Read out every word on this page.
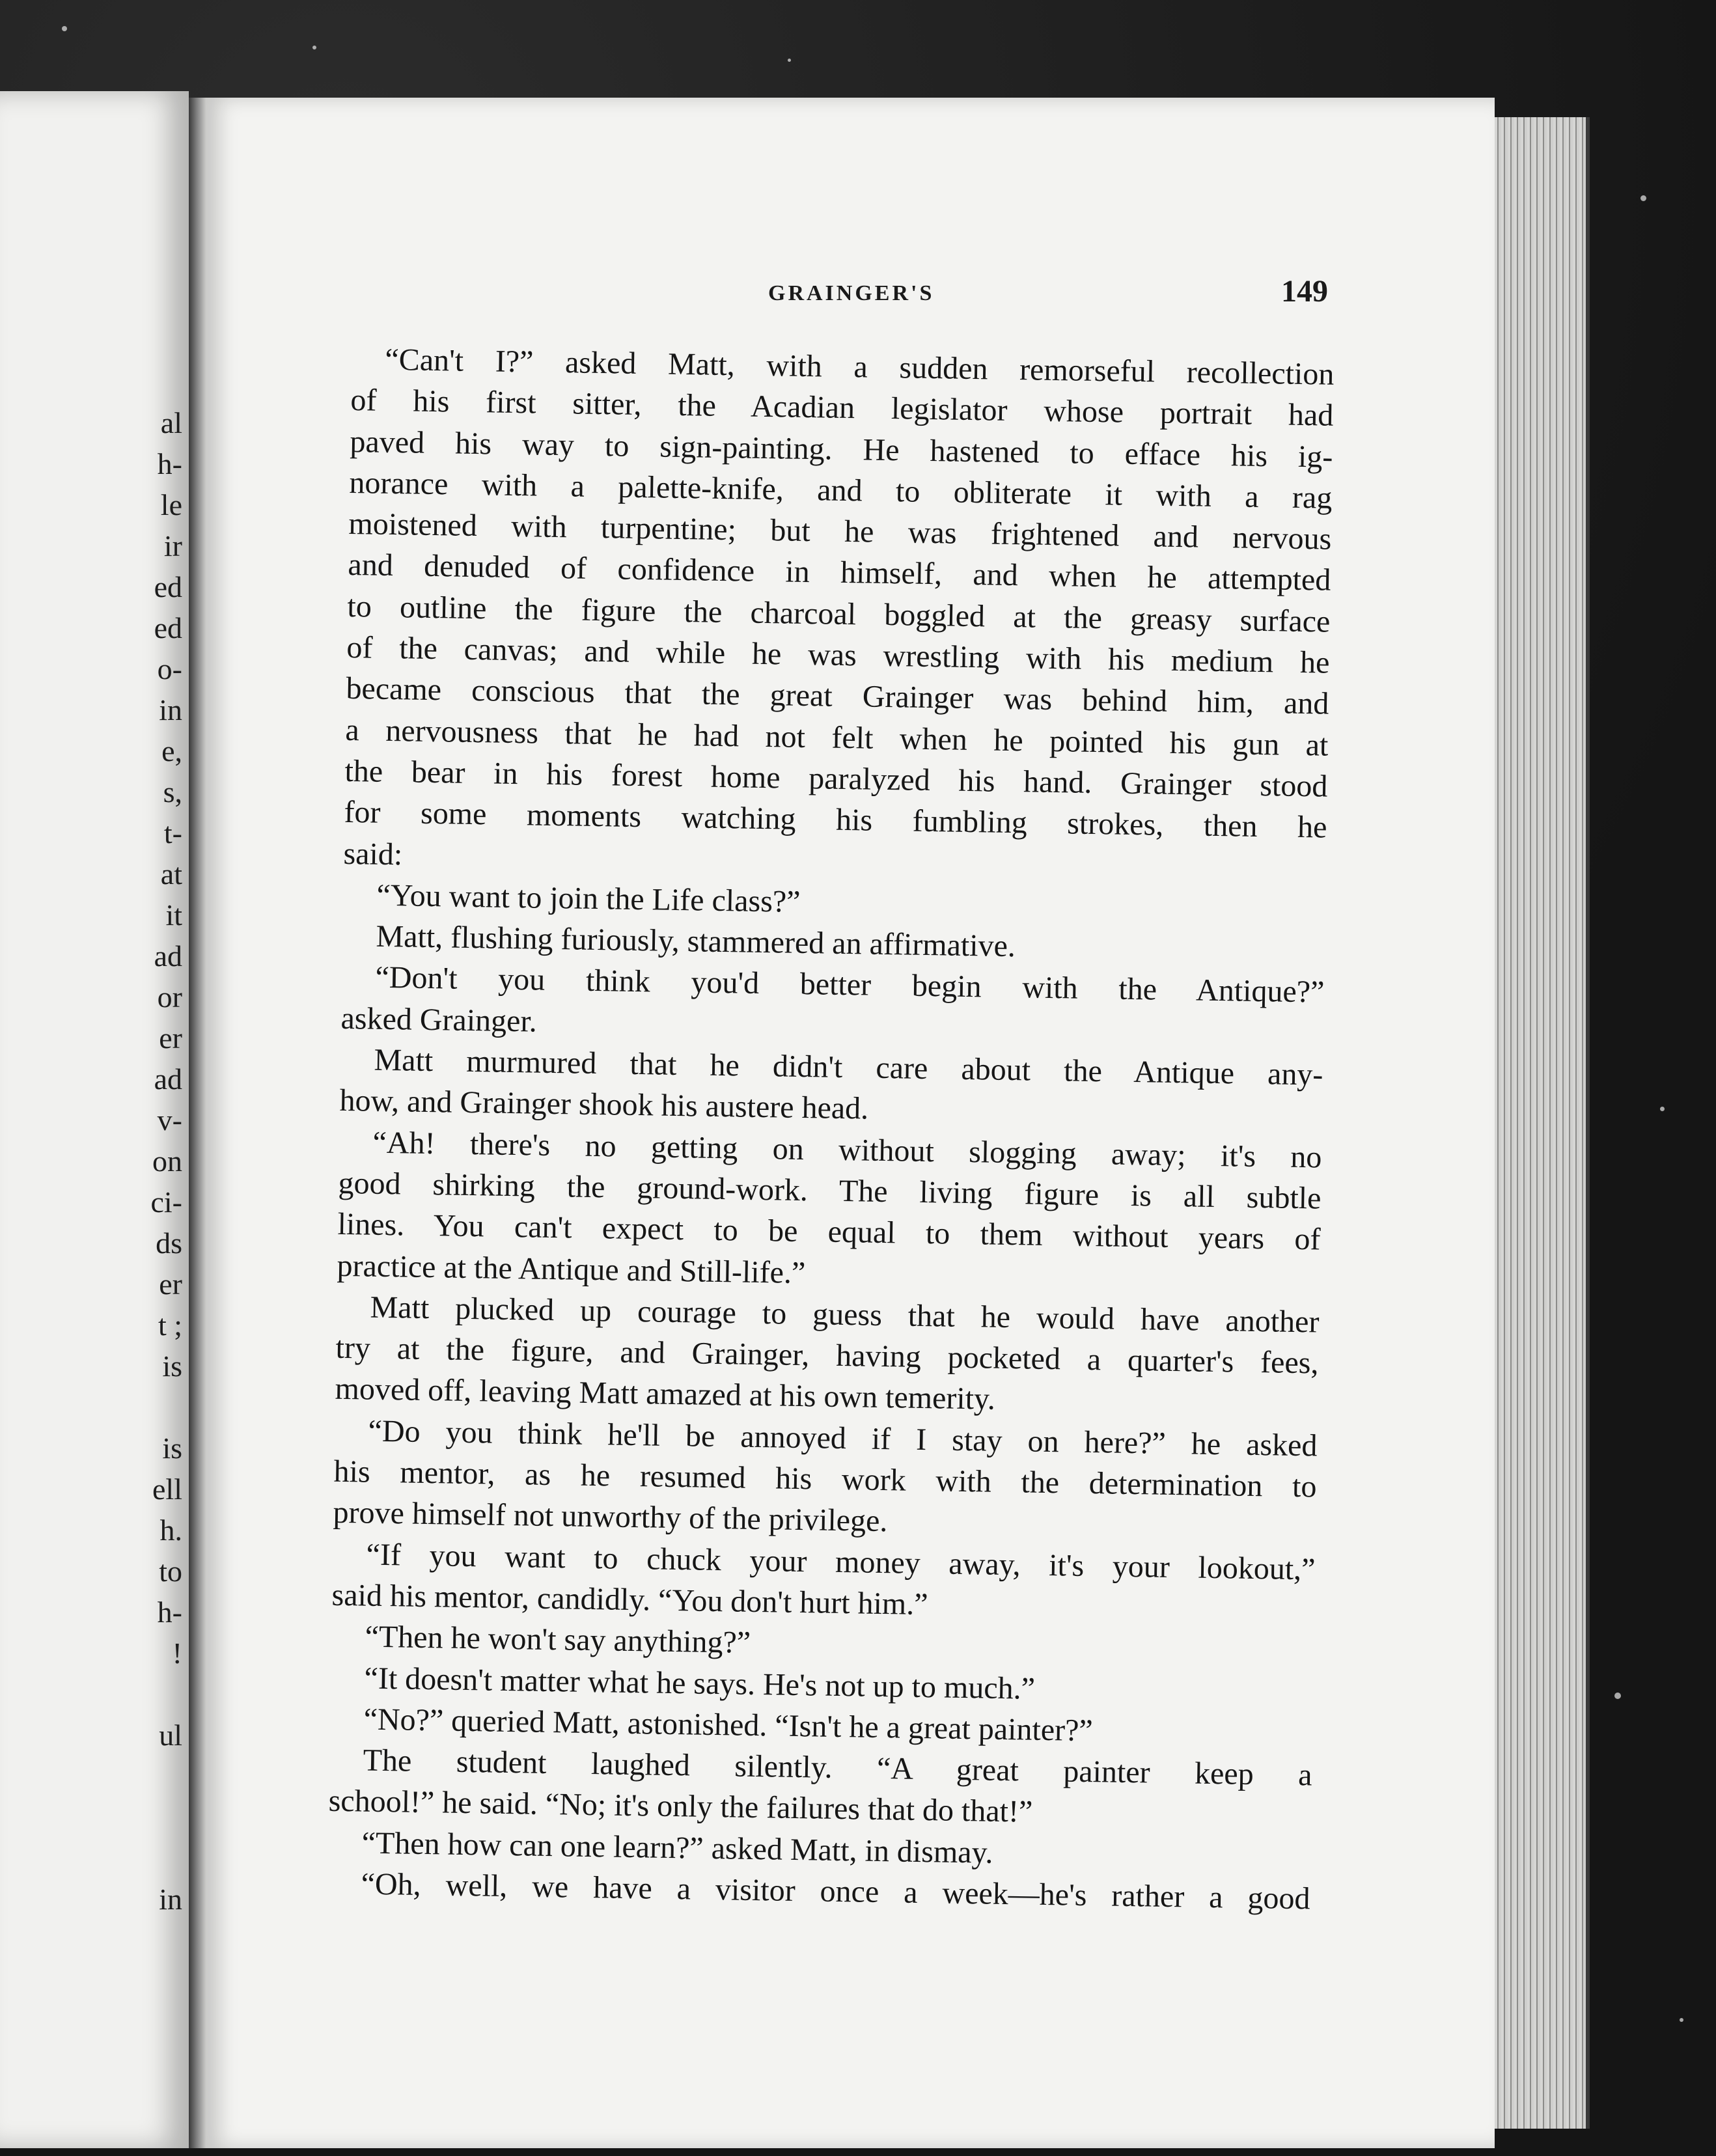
al
h-
le
ir
ed
ed
o-
in
e,
s,
t-
at
it
ad
or
er
ad
v-
on
ci-
ds
er
t ;
is
is
ell
h.
to
h-
!
ul
in
GRAINGER'S	149
“Can't I?” asked Matt, with a sudden remorseful recollection
of his first sitter, the Acadian legislator whose portrait had
paved his way to sign-painting. He hastened to efface his ig-
norance with a palette-knife, and to obliterate it with a rag
moistened with turpentine; but he was frightened and nervous
and denuded of confidence in himself, and when he attempted
to outline the figure the charcoal boggled at the greasy surface
of the canvas; and while he was wrestling with his medium he
became conscious that the great Grainger was behind him, and
a nervousness that he had not felt when he pointed his gun at
the bear in his forest home paralyzed his hand. Grainger stood
for some moments watching his fumbling strokes, then he
said:
“You want to join the Life class?”
Matt, flushing furiously, stammered an affirmative.
“Don't you think you'd better begin with the Antique?”
asked Grainger.
Matt murmured that he didn't care about the Antique any-
how, and Grainger shook his austere head.
“Ah! there's no getting on without slogging away; it's no
good shirking the ground-work. The living figure is all subtle
lines. You can't expect to be equal to them without years of
practice at the Antique and Still-life.”
Matt plucked up courage to guess that he would have another
try at the figure, and Grainger, having pocketed a quarter's fees,
moved off, leaving Matt amazed at his own temerity.
“Do you think he'll be annoyed if I stay on here?” he asked
his mentor, as he resumed his work with the determination to
prove himself not unworthy of the privilege.
“If you want to chuck your money away, it's your lookout,”
said his mentor, candidly. “You don't hurt him.”
“Then he won't say anything?”
“It doesn't matter what he says. He's not up to much.”
“No?” queried Matt, astonished. “Isn't he a great painter?”
The student laughed silently. “A great painter keep a
school!” he said. “No; it's only the failures that do that!”
“Then how can one learn?” asked Matt, in dismay.
“Oh, well, we have a visitor once a week—he's rather a good
